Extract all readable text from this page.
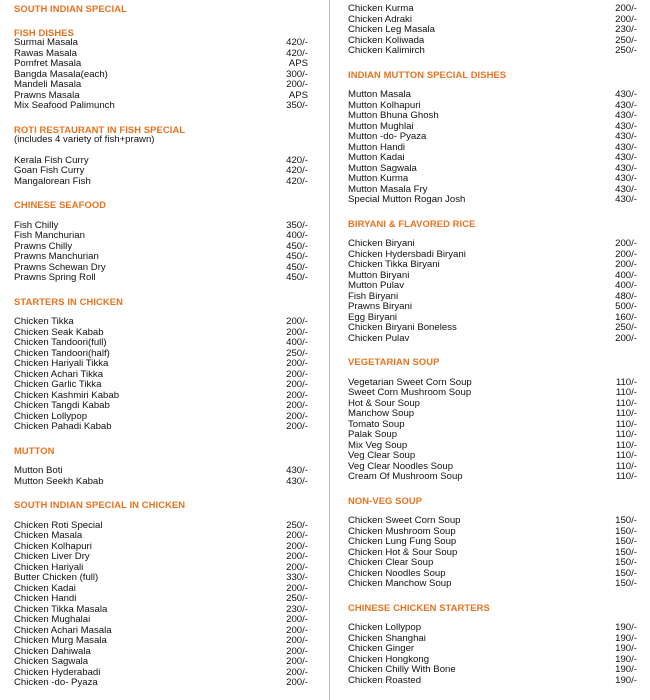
SOUTH INDIAN SPECIAL
FISH DISHES
Surmai Masala	420/-
Rawas Masala	420/-
Pomfret Masala	APS
Bangda Masala(each)	300/-
Mandeli Masala	200/-
Prawns Masala	APS
Mix Seafood Palimunch	350/-
ROTI RESTAURANT IN FISH SPECIAL
(includes 4 variety of fish+prawn)
Kerala Fish Curry	420/-
Goan Fish Curry	420/-
Mangalorean Fish	420/-
CHINESE SEAFOOD
Fish Chilly	350/-
Fish Manchurian	400/-
Prawns Chilly	450/-
Prawns Manchurian	450/-
Prawns Schewan Dry	450/-
Prawns Spring Roll	450/-
STARTERS IN CHICKEN
Chicken Tikka	200/-
Chicken Seak Kabab	200/-
Chicken Tandoori(full)	400/-
Chicken Tandoori(half)	250/-
Chicken Hariyali Tikka	200/-
Chicken Achari Tikka	200/-
Chicken Garlic Tikka	200/-
Chicken Kashmiri Kabab	200/-
Chicken Tangdi Kabab	200/-
Chicken Lollypop	200/-
Chicken Pahadi Kabab	200/-
MUTTON
Mutton Boti	430/-
Mutton Seekh Kabab	430/-
SOUTH INDIAN SPECIAL IN CHICKEN
Chicken Roti Special	250/-
Chicken Masala	200/-
Chicken Kolhapuri	200/-
Chicken Liver Dry	200/-
Chicken Hariyali	200/-
Butter Chicken (full)	330/-
Chicken Kadai	200/-
Chicken Handi	250/-
Chicken Tikka Masala	230/-
Chicken Mughalai	200/-
Chicken Achari Masala	200/-
Chicken Murg Masala	200/-
Chicken Dahiwala	200/-
Chicken Sagwala	200/-
Chicken Hyderabadi	200/-
Chicken -do- Pyaza	200/-
Chicken Kurma	200/-
Chicken Adraki	200/-
Chicken Leg Masala	230/-
Chicken Koliwada	250/-
Chicken Kalimirch	250/-
INDIAN MUTTON SPECIAL DISHES
Mutton Masala	430/-
Mutton Kolhapuri	430/-
Mutton Bhuna Ghosh	430/-
Mutton Mughlai	430/-
Mutton -do- Pyaza	430/-
Mutton Handi	430/-
Mutton Kadai	430/-
Mutton Sagwala	430/-
Mutton Kurma	430/-
Mutton Masala Fry	430/-
Special Mutton Rogan Josh	430/-
BIRYANI & FLAVORED RICE
Chicken Biryani	200/-
Chicken Hydersbadi Biryani	200/-
Chicken Tikka Biryani	200/-
Mutton Biryani	400/-
Mutton Pulav	400/-
Fish Biryani	480/-
Prawns Biryani	500/-
Egg Biryani	160/-
Chicken Biryani Boneless	250/-
Chicken Pulav	200/-
VEGETARIAN SOUP
Vegetarian Sweet Corn Soup	110/-
Sweet Corn Mushroom Soup	110/-
Hot & Sour Soup	110/-
Manchow Soup	110/-
Tomato Soup	110/-
Palak Soup	110/-
Mix Veg Soup	110/-
Veg Clear Soup	110/-
Veg Clear Noodles Soup	110/-
Cream Of Mushroom Soup	110/-
NON-VEG SOUP
Chicken Sweet Corn Soup	150/-
Chicken Mushroom Soup	150/-
Chicken Lung Fung Soup	150/-
Chicken Hot & Sour Soup	150/-
Chicken Clear Soup	150/-
Chicken Noodles Soup	150/-
Chicken Manchow Soup	150/-
CHINESE CHICKEN STARTERS
Chicken Lollypop	190/-
Chicken Shanghai	190/-
Chicken Ginger	190/-
Chicken Hongkong	190/-
Chicken Chilly With Bone	190/-
Chicken Roasted	190/-
